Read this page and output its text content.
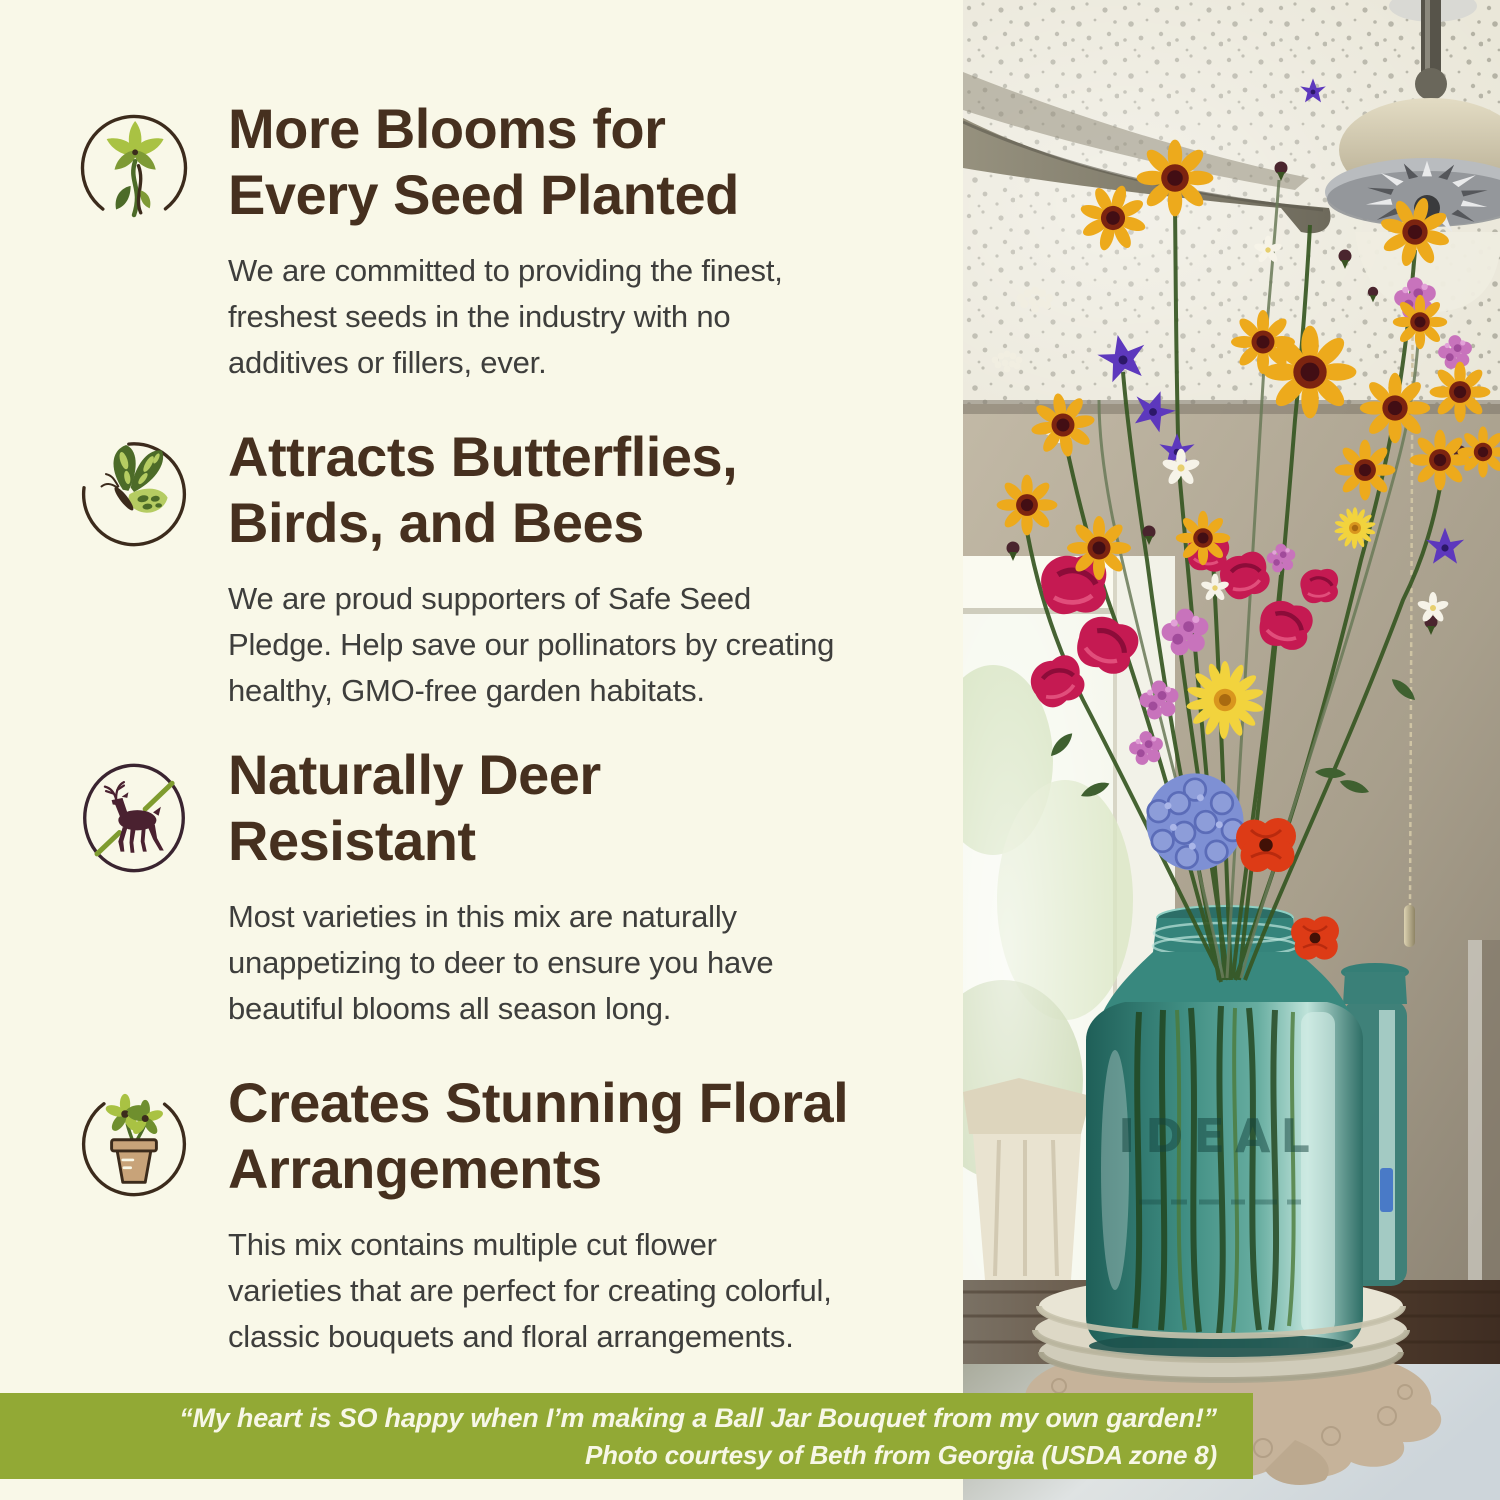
More Blooms for
Every Seed Planted
We are committed to providing the finest,
freshest seeds in the industry with no
additives or fillers, ever.
Attracts Butterflies,
Birds, and Bees
We are proud supporters of Safe Seed
Pledge. Help save our pollinators by creating
healthy, GMO-free garden habitats.
Naturally Deer
Resistant
Most varieties in this mix are naturally
unappetizing to deer to ensure you have
beautiful blooms all season long.
Creates Stunning Floral
Arrangements
This mix contains multiple cut flower
varieties that are perfect for creating colorful,
classic bouquets and floral arrangements.
IDEAL
“My heart is SO happy when I’m making a Ball Jar Bouquet from my own garden!”
Photo courtesy of Beth from Georgia (USDA zone 8)
